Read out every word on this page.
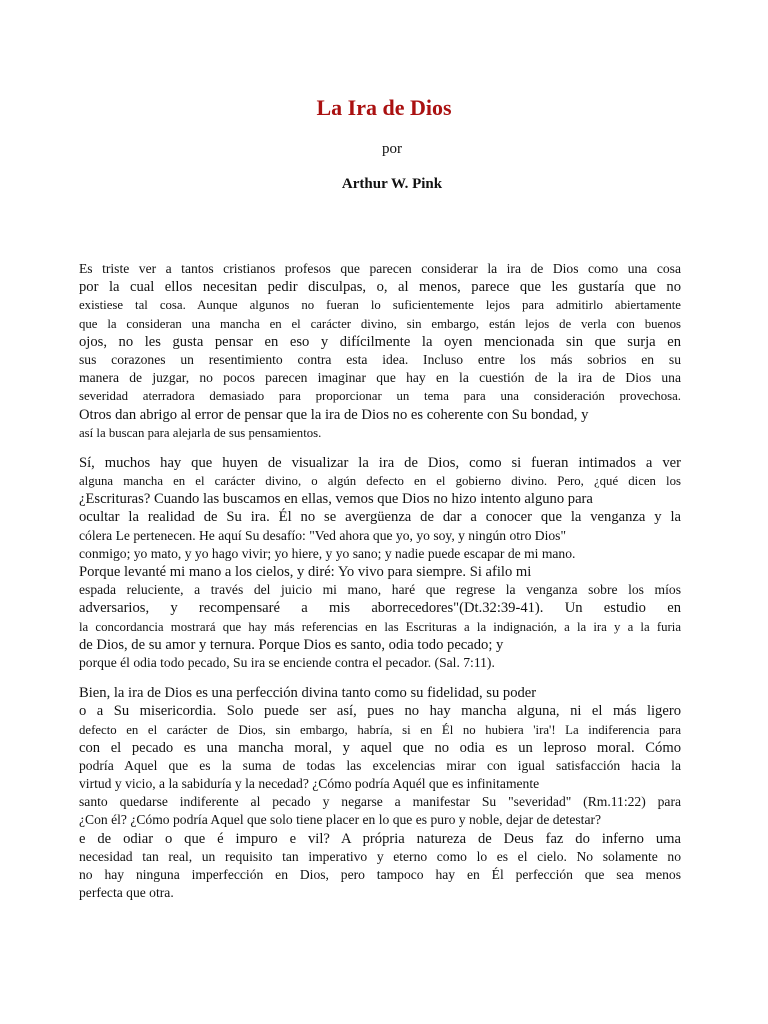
La Ira de Dios
por
Arthur W. Pink
Es triste ver a tantos cristianos profesos que parecen considerar la ira de Dios como una cosa
por la cual ellos necesitan pedir disculpas, o, al menos, parece que les gustaría que no
existiese tal cosa. Aunque algunos no fueran lo suficientemente lejos para admitirlo abiertamente
que la consideran una mancha en el carácter divino, sin embargo, están lejos de verla con buenos
ojos, no les gusta pensar en eso y difícilmente la oyen mencionada sin que surja en
sus corazones un resentimiento contra esta idea. Incluso entre los más sobrios en su
manera de juzgar, no pocos parecen imaginar que hay en la cuestión de la ira de Dios una
severidad aterradora demasiado para proporcionar un tema para una consideración provechosa.
Otros dan abrigo al error de pensar que la ira de Dios no es coherente con Su bondad, y
así la buscan para alejarla de sus pensamientos.
Sí, muchos hay que huyen de visualizar la ira de Dios, como si fueran intimados a ver
alguna mancha en el carácter divino, o algún defecto en el gobierno divino. Pero, ¿qué dicen los
¿Escrituras? Cuando las buscamos en ellas, vemos que Dios no hizo intento alguno para
ocultar la realidad de Su ira. Él no se avergüenza de dar a conocer que la venganza y la
cólera Le pertenecen. He aquí Su desafío: "Ved ahora que yo, yo soy, y ningún otro Dios"
conmigo; yo mato, y yo hago vivir; yo hiere, y yo sano; y nadie puede escapar de mi mano.
Porque levanté mi mano a los cielos, y diré: Yo vivo para siempre. Si afilo mi
espada reluciente, a través del juicio mi mano, haré que regrese la venganza sobre los míos
adversarios, y recompensaré a mis aborrecedores"(Dt.32:39-41). Un estudio en
la concordancia mostrará que hay más referencias en las Escrituras a la indignación, a la ira y a la furia
de Dios, de su amor y ternura. Porque Dios es santo, odia todo pecado; y
porque él odia todo pecado, Su ira se enciende contra el pecador. (Sal. 7:11).
Bien, la ira de Dios es una perfección divina tanto como su fidelidad, su poder
o a Su misericordia. Solo puede ser así, pues no hay mancha alguna, ni el más ligero
defecto en el carácter de Dios, sin embargo, habría, si en Él no hubiera 'ira'! La indiferencia para
con el pecado es una mancha moral, y aquel que no odia es un leproso moral. Cómo
podría Aquel que es la suma de todas las excelencias mirar con igual satisfacción hacia la
virtud y vicio, a la sabiduría y la necedad? ¿Cómo podría Aquél que es infinitamente
santo quedarse indiferente al pecado y negarse a manifestar Su "severidad" (Rm.11:22) para
¿Con él? ¿Cómo podría Aquel que solo tiene placer en lo que es puro y noble, dejar de detestar?
e de odiar o que é impuro e vil? A própria natureza de Deus faz do inferno uma
necesidad tan real, un requisito tan imperativo y eterno como lo es el cielo. No solamente no
no hay ninguna imperfección en Dios, pero tampoco hay en Él perfección que sea menos
perfecta que otra.
